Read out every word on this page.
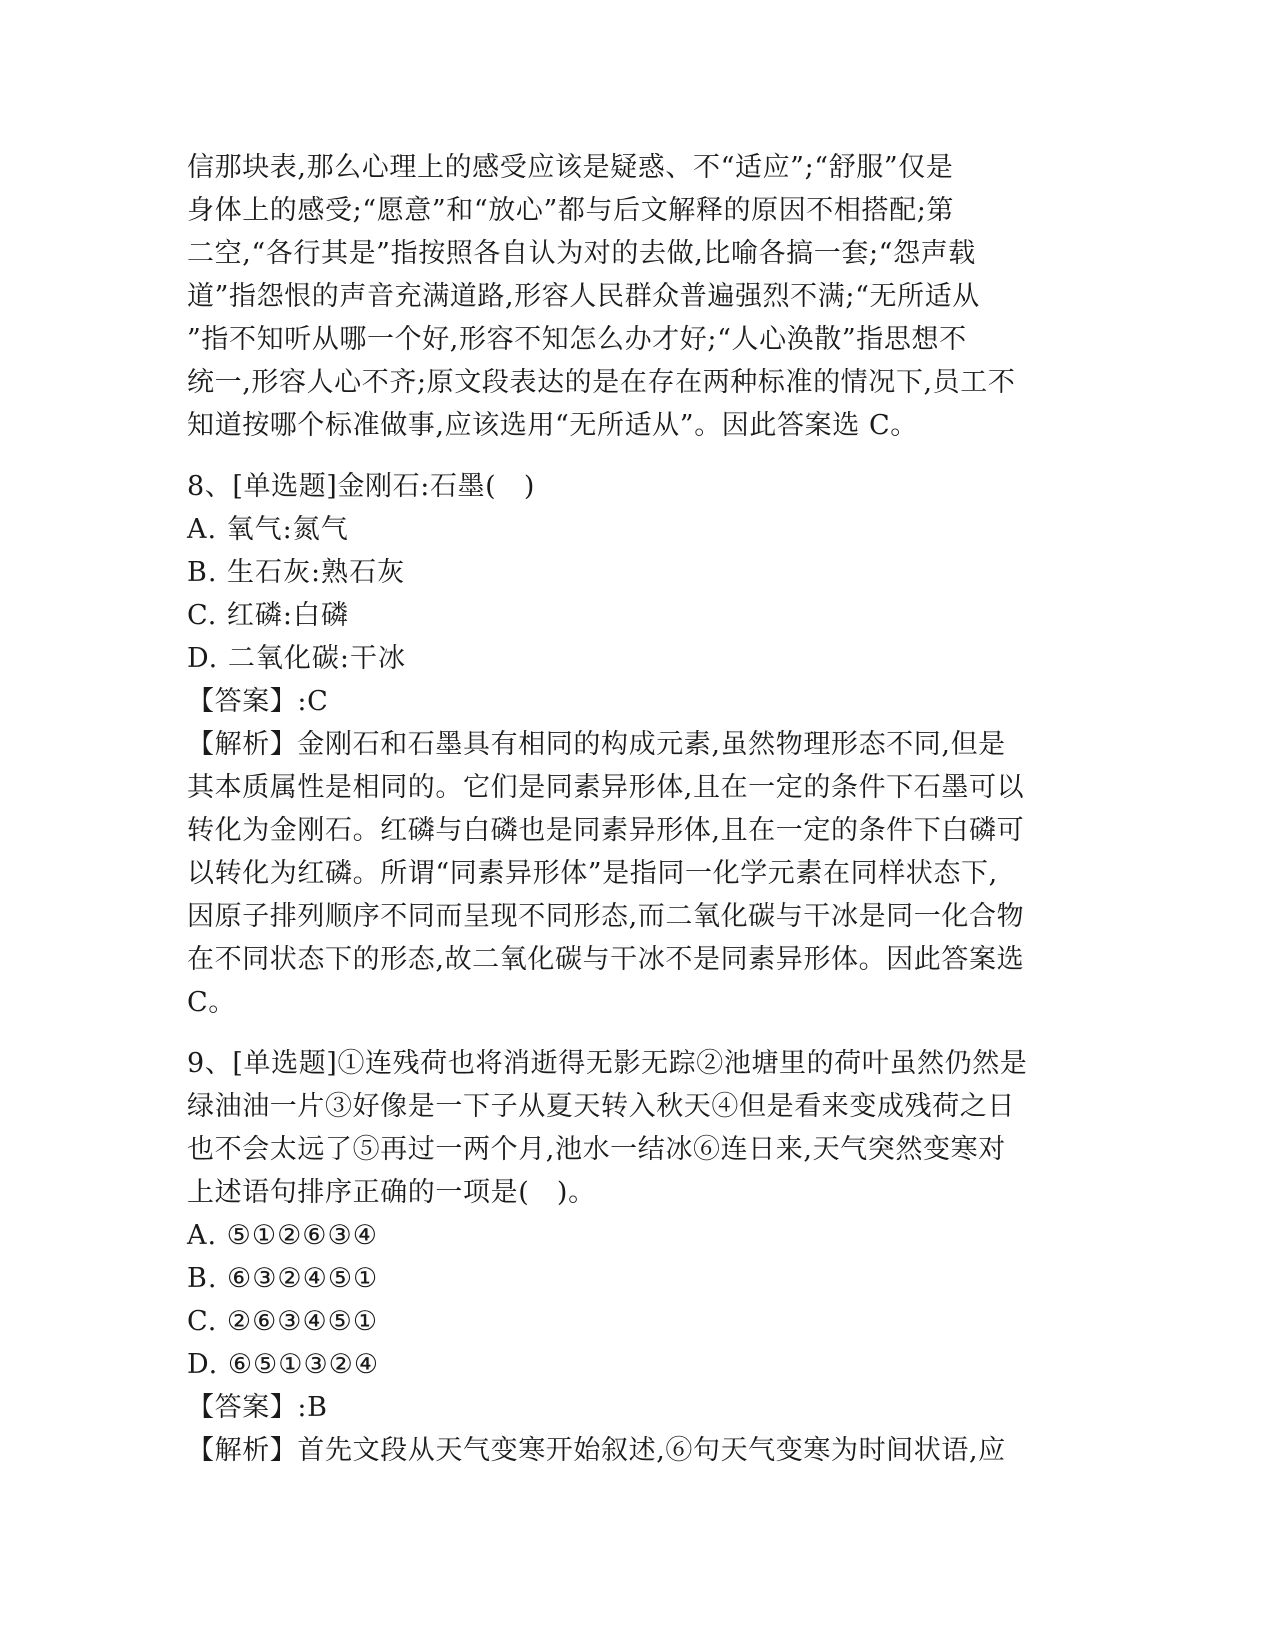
信那块表,那么心理上的感受应该是疑惑、不“适应”;“舒服”仅是
身体上的感受;“愿意”和“放心”都与后文解释的原因不相搭配;第
二空,“各行其是”指按照各自认为对的去做,比喻各搞一套;“怨声载
道”指怨恨的声音充满道路,形容人民群众普遍强烈不满;“无所适从
”指不知听从哪一个好,形容不知怎么办才好;“人心涣散”指思想不
统一,形容人心不齐;原文段表达的是在存在两种标准的情况下,员工不
知道按哪个标准做事,应该选用“无所适从”。因此答案选 C。
8、[单选题]金刚石:石墨(　)
A. 氧气:氮气
B. 生石灰:熟石灰
C. 红磷:白磷
D. 二氧化碳:干冰
【答案】:C
【解析】金刚石和石墨具有相同的构成元素,虽然物理形态不同,但是
其本质属性是相同的。它们是同素异形体,且在一定的条件下石墨可以
转化为金刚石。红磷与白磷也是同素异形体,且在一定的条件下白磷可
以转化为红磷。所谓“同素异形体”是指同一化学元素在同样状态下,
因原子排列顺序不同而呈现不同形态,而二氧化碳与干冰是同一化合物
在不同状态下的形态,故二氧化碳与干冰不是同素异形体。因此答案选
C。
9、[单选题]①连残荷也将消逝得无影无踪②池塘里的荷叶虽然仍然是
绿油油一片③好像是一下子从夏天转入秋天④但是看来变成残荷之日
也不会太远了⑤再过一两个月,池水一结冰⑥连日来,天气突然变寒对
上述语句排序正确的一项是(　)。
A. ⑤①②⑥③④
B. ⑥③②④⑤①
C. ②⑥③④⑤①
D. ⑥⑤①③②④
【答案】:B
【解析】首先文段从天气变寒开始叙述,⑥句天气变寒为时间状语,应
